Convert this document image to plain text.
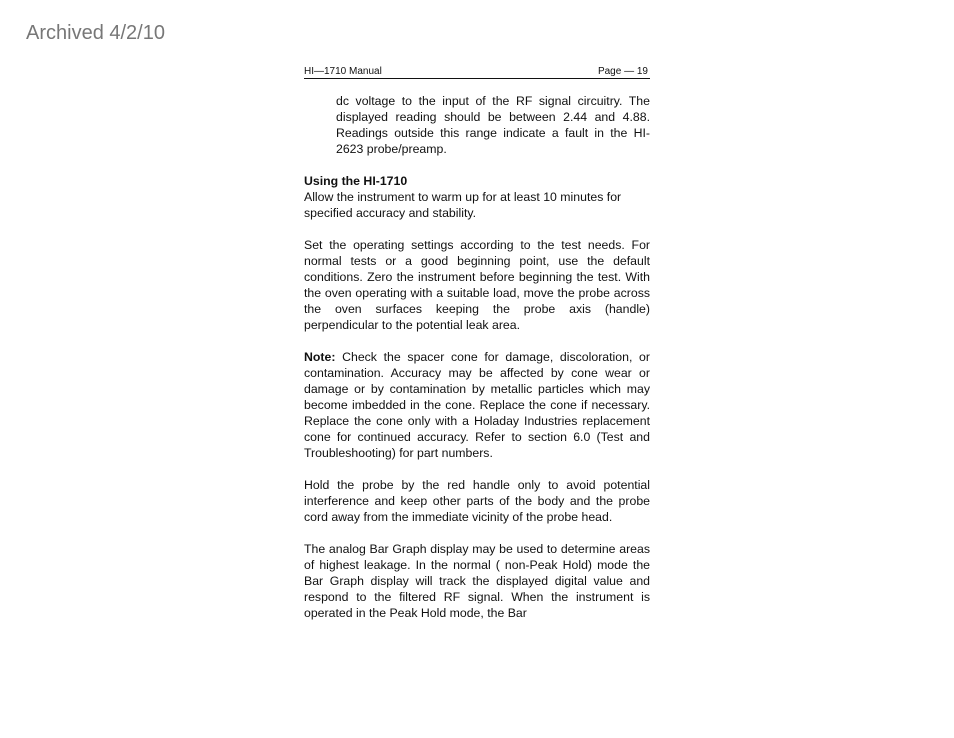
Archived 4/2/10
HI—1710 Manual	Page — 19

dc voltage to the input of the RF signal circuitry. The displayed reading should be between 2.44 and 4.88. Readings outside this range indicate a fault in the HI-2623 probe/preamp.

Using the HI-1710
Allow the instrument to warm up for at least 10 minutes for specified accuracy and stability.

Set the operating settings according to the test needs. For normal tests or a good beginning point, use the default conditions. Zero the instrument before beginning the test. With the oven operating with a suitable load, move the probe across the oven surfaces keeping the probe axis (handle) perpendicular to the potential leak area.

Note: Check the spacer cone for damage, discoloration, or contamination. Accuracy may be affected by cone wear or damage or by contamination by metallic particles which may become imbedded in the cone. Replace the cone if necessary. Replace the cone only with a Holaday Industries replacement cone for continued accuracy. Refer to section 6.0 (Test and Troubleshooting) for part numbers.

Hold the probe by the red handle only to avoid potential interference and keep other parts of the body and the probe cord away from the immediate vicinity of the probe head.

The analog Bar Graph display may be used to determine areas of highest leakage. In the normal ( non-Peak Hold) mode the Bar Graph display will track the displayed digital value and respond to the filtered RF signal. When the instrument is operated in the Peak Hold mode, the Bar
